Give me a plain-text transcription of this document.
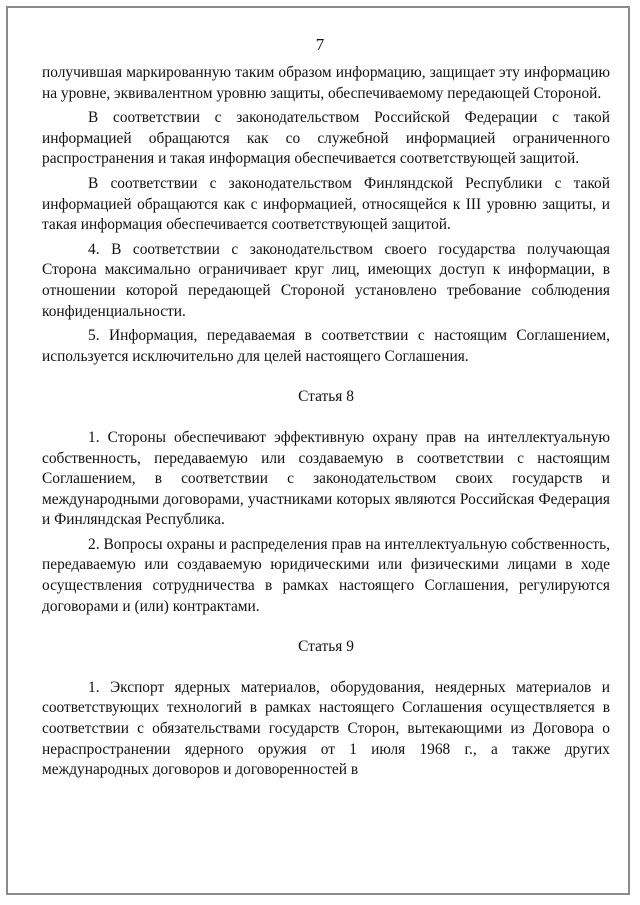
7

получившая маркированную таким образом информацию, защищает эту информацию на уровне, эквивалентном уровню защиты, обеспечиваемому передающей Стороной.

В соответствии с законодательством Российской Федерации с такой информацией обращаются как со служебной информацией ограниченного распространения и такая информация обеспечивается соответствующей защитой.

В соответствии с законодательством Финляндской Республики с такой информацией обращаются как с информацией, относящейся к III уровню защиты, и такая информация обеспечивается соответствующей защитой.

4. В соответствии с законодательством своего государства получающая Сторона максимально ограничивает круг лиц, имеющих доступ к информации, в отношении которой передающей Стороной установлено требование соблюдения конфиденциальности.

5. Информация, передаваемая в соответствии с настоящим Соглашением, используется исключительно для целей настоящего Соглашения.

Статья 8

1. Стороны обеспечивают эффективную охрану прав на интеллектуальную собственность, передаваемую или создаваемую в соответствии с настоящим Соглашением, в соответствии с законодательством своих государств и международными договорами, участниками которых являются Российская Федерация и Финляндская Республика.

2. Вопросы охраны и распределения прав на интеллектуальную собственность, передаваемую или создаваемую юридическими или физическими лицами в ходе осуществления сотрудничества в рамках настоящего Соглашения, регулируются договорами и (или) контрактами.

Статья 9

1. Экспорт ядерных материалов, оборудования, неядерных материалов и соответствующих технологий в рамках настоящего Соглашения осуществляется в соответствии с обязательствами государств Сторон, вытекающими из Договора о нераспространении ядерного оружия от 1 июля 1968 г., а также других международных договоров и договоренностей в
